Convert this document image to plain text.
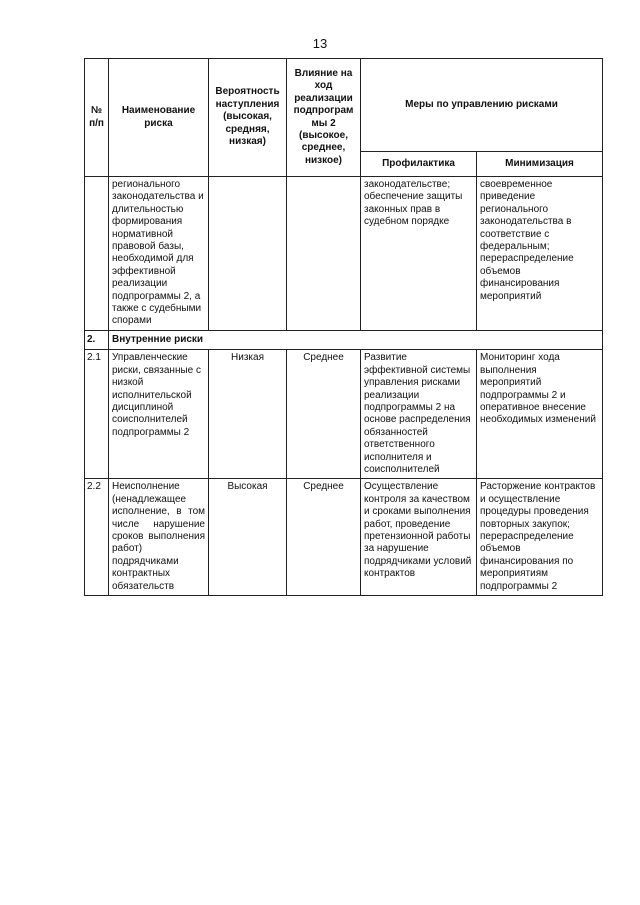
13
№ п/п	Наименование риска	Вероятность наступления (высокая, средняя, низкая)	Влияние на ход реализации подпрограм мы 2 (высокое, среднее, низкое)	Меры по управлению рисками	
				Профилактика	Минимизация
	регионального законодательства и длительностью формирования нормативной правовой базы, необходимой для эффективной реализации подпрограммы 2, а также с судебными спорами			законодательстве; обеспечение защиты законных прав в судебном порядке	своевременное приведение регионального законодательства в соответствие с федеральным; перераспределение объемов финансирования мероприятий
2.	Внутренние риски				
2.1	Управленческие риски, связанные с низкой исполнительской дисциплиной соисполнителей подпрограммы 2	Низкая	Среднее	Развитие эффективной системы управления рисками реализации подпрограммы 2 на основе распределения обязанностей ответственного исполнителя и соисполнителей	Мониторинг хода выполнения мероприятий подпрограммы 2 и оперативное внесение необходимых изменений
2.2	Неисполнение (ненадлежащее исполнение, в том числе нарушение сроков выполнения работ) подрядчиками контрактных обязательств	Высокая	Среднее	Осуществление контроля за качеством и сроками выполнения работ, проведение претензионной работы за нарушение подрядчиками условий контрактов	Расторжение контрактов и осуществление процедуры проведения повторных закупок; перераспределение объемов финансирования по мероприятиям подпрограммы 2
